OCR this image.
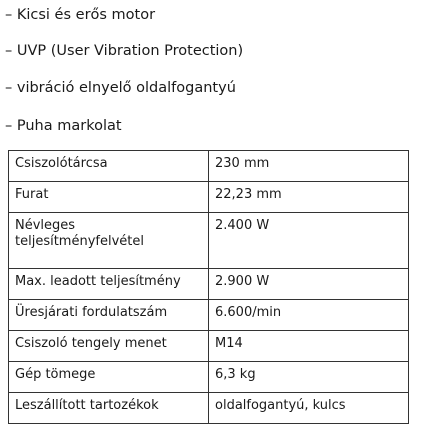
– Kicsi és erős motor
– UVP (User Vibration Protection)
– vibráció elnyelő oldalfogantyú
– Puha markolat
Csiszolótárcsa	230 mm
Furat	22,23 mm
Névleges teljesítményfelvétel	2.400 W
Max. leadott teljesítmény	2.900 W
Üresjárati fordulatszám	6.600/min
Csiszoló tengely menet	M14
Gép tömege	6,3 kg
Leszállított tartozékok	oldalfogantyú, kulcs
